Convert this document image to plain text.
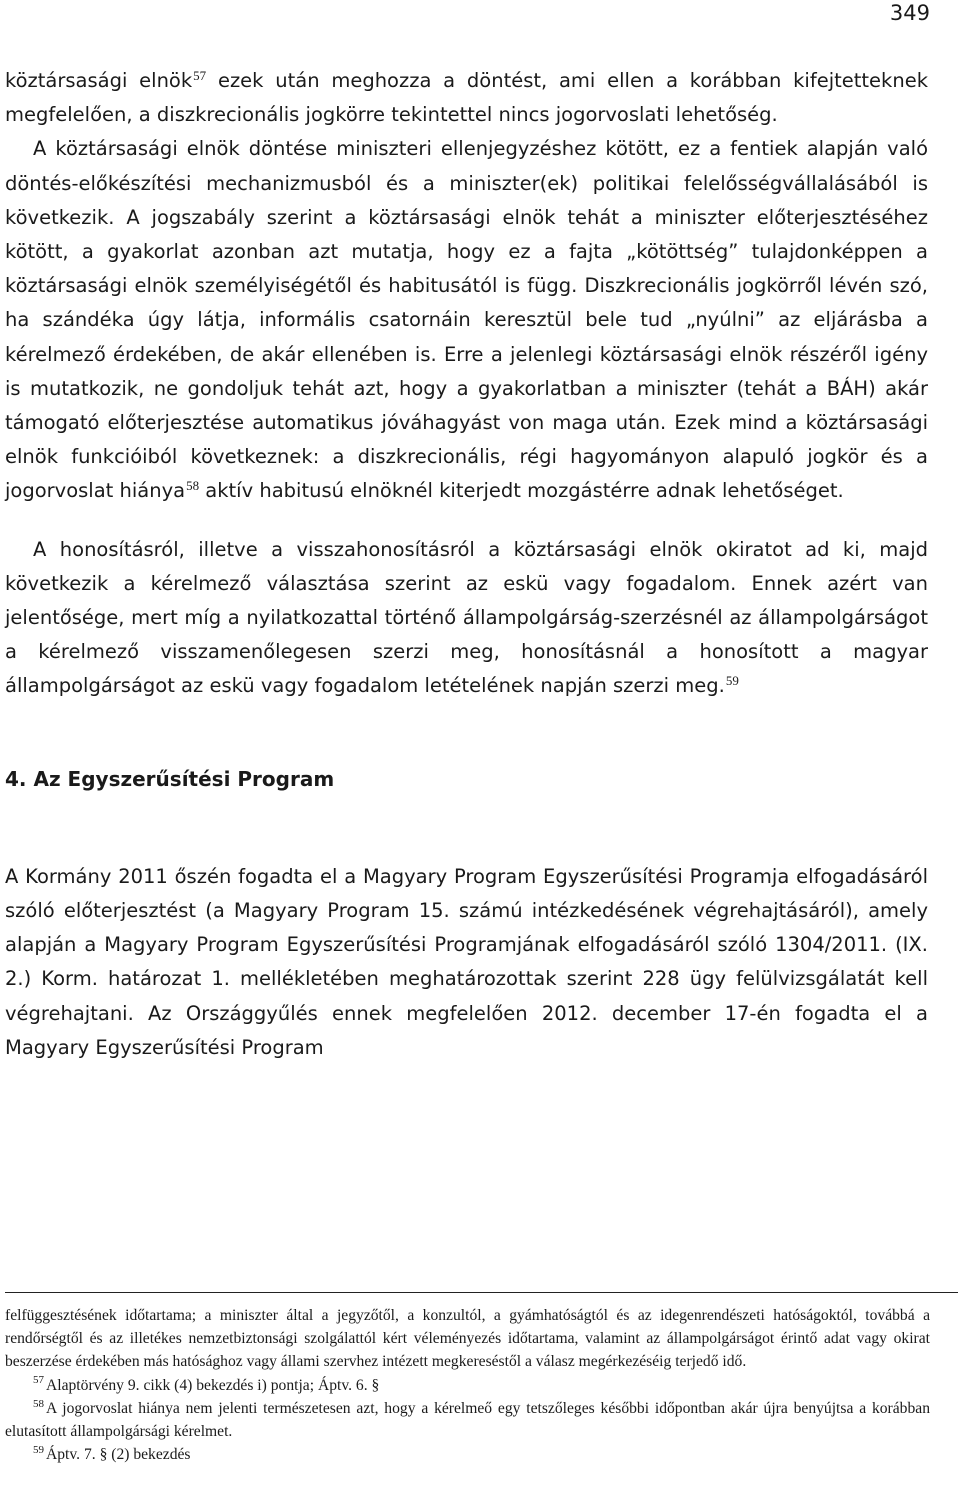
349

köztársasági elnök$^{57}$ ezek után meghozza a döntést, ami ellen a korábban kifejtetteknek megfelelően, a diszkrecionális jogkörre tekintettel nincs jogorvoslati lehetőség.

A köztársasági elnök döntése miniszteri ellenjegyzéshez kötött, ez a fentiek alapján való döntés-előkészítési mechanizmusból és a miniszter(ek) politikai felelősségvállalásából is következik. A jogszabály szerint a köztársasági elnök tehát a miniszter előterjesztéséhez kötött, a gyakorlat azonban azt mutatja, hogy ez a fajta „kötöttség” tulajdonképpen a köztársasági elnök személyiségétől és habitusától is függ. Diszkrecionális jogkörről lévén szó, ha szándéka úgy látja, informális csatornáin keresztül bele tud „nyúlni” az eljárásba a kérelmező érdekében, de akár ellenében is. Erre a jelenlegi köztársasági elnök részéről igény is mutatkozik, ne gondoljuk tehát azt, hogy a gyakorlatban a miniszter (tehát a BÁH) akár támogató előterjesztése automatikus jóváhagyást von maga után. Ezek mind a köztársasági elnök funkcióiból következnek: a diszkrecionális, régi hagyományon alapuló jogkör és a jogorvoslat hiánya$^{58}$ aktív habitusú elnöknél kiterjedt mozgástérre adnak lehetőséget.

A honosításról, illetve a visszahonosításról a köztársasági elnök okiratot ad ki, majd következik a kérelmező választása szerint az eskü vagy fogadalom. Ennek azért van jelentősége, mert míg a nyilatkozattal történő állampolgárság-szerzésnél az állampolgárságot a kérelmező visszamenőlegesen szerzi meg, honosításnál a honosított a magyar állampolgárságot az eskü vagy fogadalom letételének napján szerzi meg.$^{59}$

4. Az Egyszerűsítési Program

A Kormány 2011 őszén fogadta el a Magyary Program Egyszerűsítési Programja elfogadásáról szóló előterjesztést (a Magyary Program 15. számú intézkedésének végrehajtásáról), amely alapján a Magyary Program Egyszerűsítési Programjának elfogadásáról szóló 1304/2011. (IX. 2.) Korm. határozat 1. mellékletében meghatározottak szerint 228 ügy felülvizsgálatát kell végrehajtani. Az Országgyűlés ennek megfelelően 2012. december 17-én fogadta el a Magyary Egyszerűsítési Program

felfüggesztésének időtartama; a miniszter által a jegyzőtől, a konzultól, a gyámhatóságtól és az idegenrendészeti hatóságoktól, továbbá a rendőrségtől és az illetékes nemzetbiztonsági szolgálattól kért véleményezés időtartama, valamint az állampolgárságot érintő adat vagy okirat beszerzése érdekében más hatósághoz vagy állami szervhez intézett megkereséstől a válasz megérkezéséig terjedő idő.

$^{57}$ Alaptörvény 9. cikk (4) bekezdés i) pontja; Áptv. 6. §

$^{58}$ A jogorvoslat hiánya nem jelenti természetesen azt, hogy a kérelmeő egy tetszőleges későbbi időpontban akár újra benyújtsa a korábban elutasított állampolgársági kérelmet.

$^{59}$ Áptv. 7. § (2) bekezdés
